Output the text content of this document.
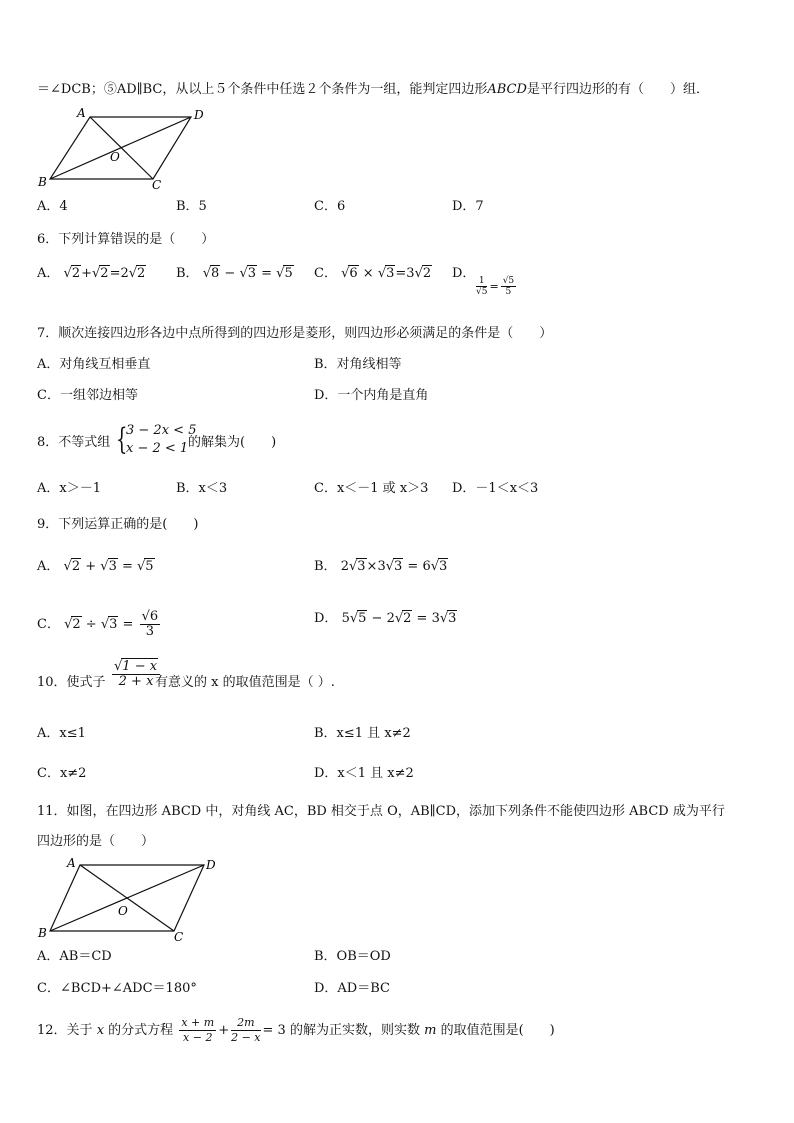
＝∠DCB；⑤AD∥BC，从以上５个条件中任选２个条件为一组，能判定四边形ABCD是平行四边形的有（　　）组．
A	D
B	C
O
A．4	B．5	C．6	D．7
6．下列计算错误的是（　　）
A． √2+√2=2√2 B． √8 − √3 = √5 C． √6 × √3=3√2 D．
$\frac{1}{√5} = \frac{√5}{5}$
7．顺次连接四边形各边中点所得到的四边形是菱形，则四边形必须满足的条件是（　　）
A．对角线互相垂直	B．对角线相等
C．一组邻边相等	D．一个内角是直角
8．不等式组 {
3 − 2x < 5
x − 2 < 1 的解集为(　　)
A．x＞－1	B．x＜3	C．x＜－1 或 x＞3 D．－1＜x＜3
9．下列运算正确的是(　　)
A． √2 + √3 = √5	B． 2√3×3√3 = 6√3
C． $√2 \div √3 = \frac{√6}{3}$	D． 5√5 − 2√2 = 3√3
10．使式子 $\frac{√1 - x}{2 + x}$
有意义的 x 的取值范围是（ ）.
A．x≤1	B．x≤1 且 x≠2
C．x≠2	D．x＜1 且 x≠2
11．如图，在四边形 ABCD 中，对角线 AC，BD 相交于点 O，AB∥CD，添加下列条件不能使四边形 ABCD 成为平行
四边形的是（　　）
A	D
B	C
O
A．AB＝CD	B．OB＝OD
C．∠BCD+∠ADC＝180°	D．AD＝BC
12．关于 x 的分式方程 $\frac{x + m}{x - 2} + \frac{2m}{2 - x} = 3$ 的解为正实数，则实数 m 的取值范围是(　　)
